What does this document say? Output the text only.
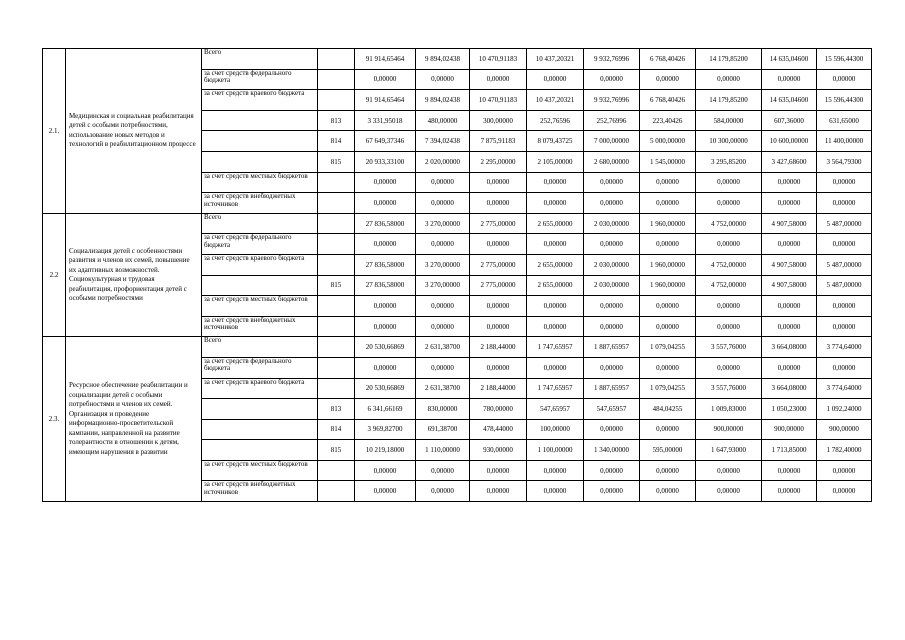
2.1.	Медицинская и социальная реабилитация детей с особыми потребностями, использование новых методов и технологий в реабилитационном процессе	Всего		91 914,65464	9 894,02438	10 470,91183	10 437,20321	9 932,76996	6 768,40426	14 179,85200	14 635,04600	15 596,44300
		за счет средств федерального бюджета		0,00000	0,00000	0,00000	0,00000	0,00000	0,00000	0,00000	0,00000	0,00000
		за счет средств краевого бюджета		91 914,65464	9 894,02438	10 470,91183	10 437,20321	9 932,76996	6 768,40426	14 179,85200	14 635,04600	15 596,44300
			813	3 331,95018	480,00000	300,00000	252,76596	252,76996	223,40426	584,00000	607,36000	631,65000
			814	67 649,37346	7 394,02438	7 875,91183	8 079,43725	7 000,00000	5 000,00000	10 300,00000	10 600,00000	11 400,00000
			815	20 933,33100	2 020,00000	2 295,00000	2 105,00000	2 680,00000	1 545,00000	3 295,85200	3 427,68600	3 564,79300
		за счет средств местных бюджетов		0,00000	0,00000	0,00000	0,00000	0,00000	0,00000	0,00000	0,00000	0,00000
		за счет средств внебюджетных источников		0,00000	0,00000	0,00000	0,00000	0,00000	0,00000	0,00000	0,00000	0,00000
2.2	Социализация детей с особенностями развития и членов их семей, повышение их адаптивных возможностей. Социокультурная и трудовая реабилитация, профориентация детей с особыми потребностями	Всего		27 836,58000	3 270,00000	2 775,00000	2 655,00000	2 030,00000	1 960,00000	4 752,00000	4 907,58000	5 487,00000
		за счет средств федерального бюджета		0,00000	0,00000	0,00000	0,00000	0,00000	0,00000	0,00000	0,00000	0,00000
		за счет средств краевого бюджета		27 836,58000	3 270,00000	2 775,00000	2 655,00000	2 030,00000	1 960,00000	4 752,00000	4 907,58000	5 487,00000
			815	27 836,58000	3 270,00000	2 775,00000	2 655,00000	2 030,00000	1 960,00000	4 752,00000	4 907,58000	5 487,00000
		за счет средств местных бюджетов		0,00000	0,00000	0,00000	0,00000	0,00000	0,00000	0,00000	0,00000	0,00000
		за счет средств внебюджетных источников		0,00000	0,00000	0,00000	0,00000	0,00000	0,00000	0,00000	0,00000	0,00000
2.3.	Ресурсное обеспечение реабилитации и социализации детей с особыми потребностями и членов их семей. Организация и проведение информационно-просветительской кампании, направленной на развитие толерантности в отношении к детям, имеющим нарушения в развитии	Всего		20 530,66869	2 631,38700	2 188,44000	1 747,65957	1 887,65957	1 079,04255	3 557,76000	3 664,08000	3 774,64000
		за счет средств федерального бюджета		0,00000	0,00000	0,00000	0,00000	0,00000	0,00000	0,00000	0,00000	0,00000
		за счет средств краевого бюджета		20 530,66869	2 631,38700	2 188,44000	1 747,65957	1 887,65957	1 079,04255	3 557,76000	3 664,08000	3 774,64000
			813	6 341,66169	830,00000	780,00000	547,65957	547,65957	484,04255	1 009,83000	1 050,23000	1 092,24000
			814	3 969,82700	691,38700	478,44000	100,00000	0,00000	0,00000	900,00000	900,00000	900,00000
			815	10 219,18000	1 110,00000	930,00000	1 100,00000	1 340,00000	595,00000	1 647,93000	1 713,85000	1 782,40000
		за счет средств местных бюджетов		0,00000	0,00000	0,00000	0,00000	0,00000	0,00000	0,00000	0,00000	0,00000
		за счет средств внебюджетных источников		0,00000	0,00000	0,00000	0,00000	0,00000	0,00000	0,00000	0,00000	0,00000
